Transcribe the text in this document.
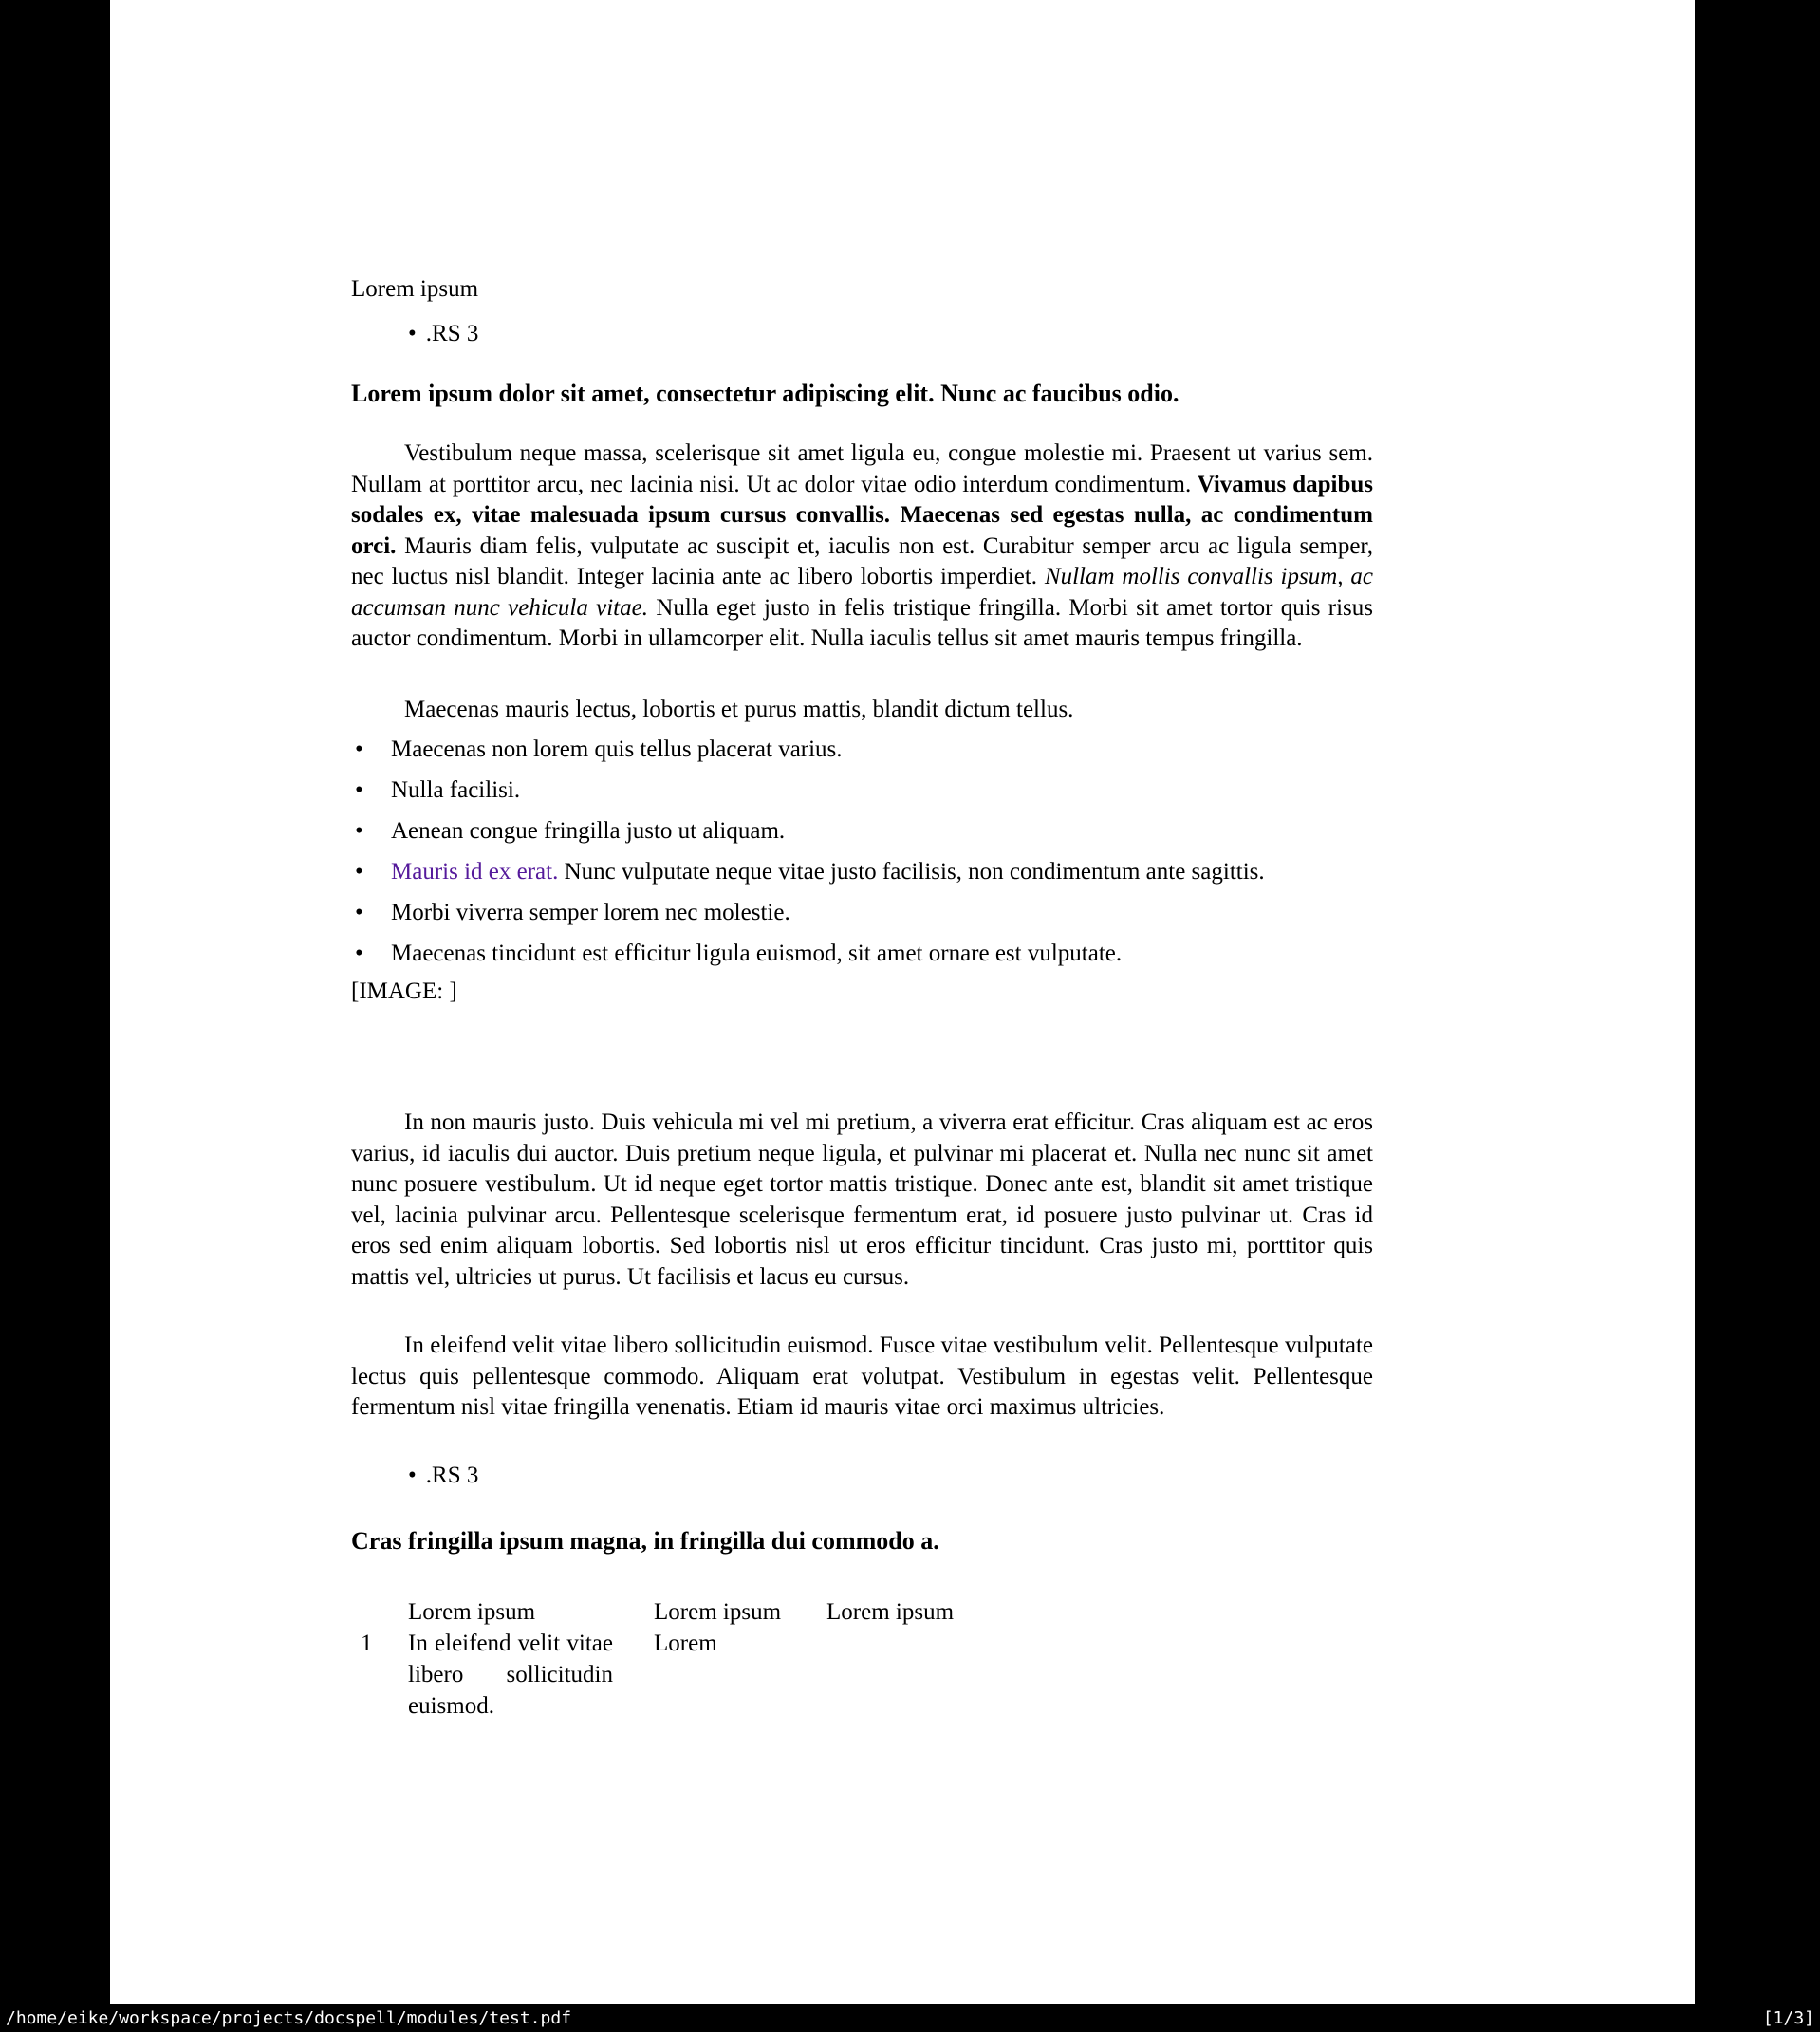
Lorem ipsum
• .RS 3
Lorem ipsum dolor sit amet, consectetur adipiscing elit. Nunc ac faucibus odio.
Vestibulum neque massa, scelerisque sit amet ligula eu, congue molestie mi. Praesent ut varius sem. Nullam at porttitor arcu, nec lacinia nisi. Ut ac dolor vitae odio interdum condimentum. Vivamus dapibus sodales ex, vitae malesuada ipsum cursus convallis. Maecenas sed egestas nulla, ac condimentum orci. Mauris diam felis, vulputate ac suscipit et, iaculis non est. Curabitur semper arcu ac ligula semper, nec luctus nisl blandit. Integer lacinia ante ac libero lobortis imperdiet. Nullam mollis convallis ipsum, ac accumsan nunc vehicula vitae. Nulla eget justo in felis tristique fringilla. Morbi sit amet tortor quis risus auctor condimentum. Morbi in ullamcorper elit. Nulla iaculis tellus sit amet mauris tempus fringilla.
Maecenas mauris lectus, lobortis et purus mattis, blandit dictum tellus.
• Maecenas non lorem quis tellus placerat varius.
• Nulla facilisi.
• Aenean congue fringilla justo ut aliquam.
• Mauris id ex erat. Nunc vulputate neque vitae justo facilisis, non condimentum ante sagittis.
• Morbi viverra semper lorem nec molestie.
• Maecenas tincidunt est efficitur ligula euismod, sit amet ornare est vulputate.
[IMAGE: ]
In non mauris justo. Duis vehicula mi vel mi pretium, a viverra erat efficitur. Cras aliquam est ac eros varius, id iaculis dui auctor. Duis pretium neque ligula, et pulvinar mi placerat et. Nulla nec nunc sit amet nunc posuere vestibulum. Ut id neque eget tortor mattis tristique. Donec ante est, blandit sit amet tristique vel, lacinia pulvinar arcu. Pellentesque scelerisque fermentum erat, id posuere justo pulvinar ut. Cras id eros sed enim aliquam lobortis. Sed lobortis nisl ut eros efficitur tincidunt. Cras justo mi, porttitor quis mattis vel, ultricies ut purus. Ut facilisis et lacus eu cursus.
In eleifend velit vitae libero sollicitudin euismod. Fusce vitae vestibulum velit. Pellentesque vulputate lectus quis pellentesque commodo. Aliquam erat volutpat. Vestibulum in egestas velit. Pellentesque fermentum nisl vitae fringilla venenatis. Etiam id mauris vitae orci maximus ultricies.
• .RS 3
Cras fringilla ipsum magna, in fringilla dui commodo a.
Lorem ipsum	Lorem ipsum Lorem ipsum
1 In eleifend velit vitae libero sollicitudin euismod.
Lorem
/home/eike/workspace/projects/docspell/modules/test.pdf	[1/3]
